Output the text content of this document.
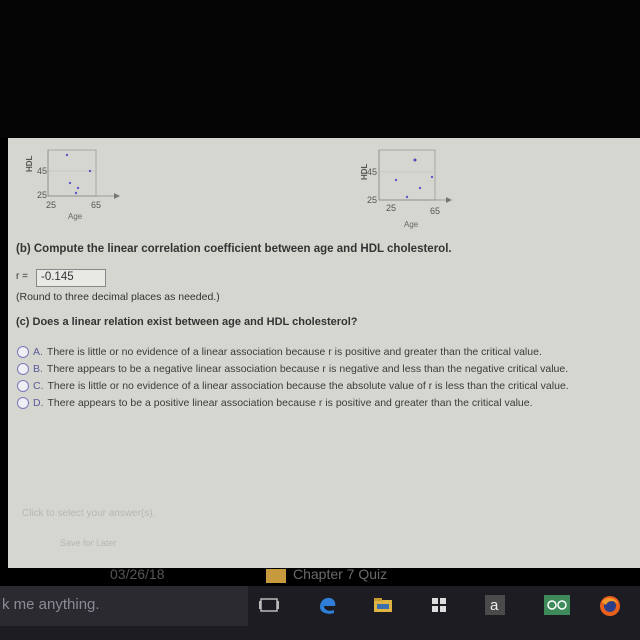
HDL 45
25
25	65
Age
HDL
45
25
25	65
Age
(b) Compute the linear correlation coefficient between age and HDL cholesterol.
r = -0.145
(Round to three decimal places as needed.)
(c) Does a linear relation exist between age and HDL cholesterol?
A. There is little or no evidence of a linear association because r is positive and greater than the critical value.
B. There appears to be a negative linear association because r is negative and less than the negative critical value.
C. There is little or no evidence of a linear association because the absolute value of r is less than the critical value.
D. There appears to be a positive linear association because r is positive and greater than the critical value.
Click to select your answer(s).
Save for Later
03/26/18	Chapter 7 Quiz
k me anything.	a
